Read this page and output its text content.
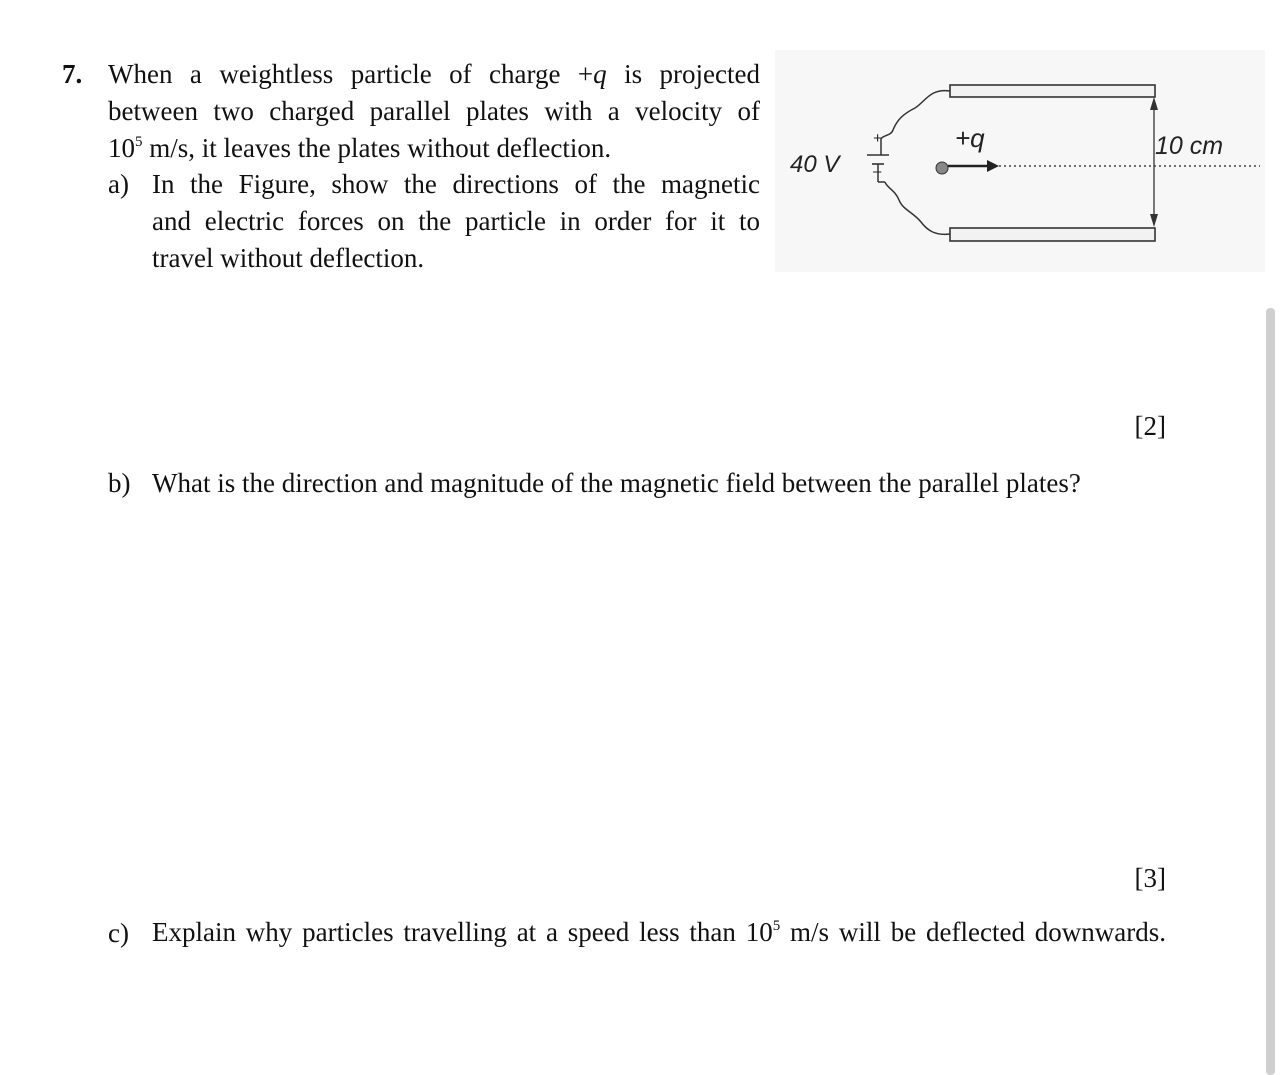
7. When a weightless particle of charge +q is projected
between two charged parallel plates with a velocity of
$10^5$ m/s, it leaves the plates without deflection.
a) In the Figure, show the directions of the magnetic
and electric forces on the particle in order for it to
travel without deflection.
[2]
b) What is the direction and magnitude of the magnetic field between the parallel plates?
[3]
c) Explain why particles travelling at a speed less than $10^5$ m/s will be deflected downwards.
+
–
40 V
+q	10 cm
